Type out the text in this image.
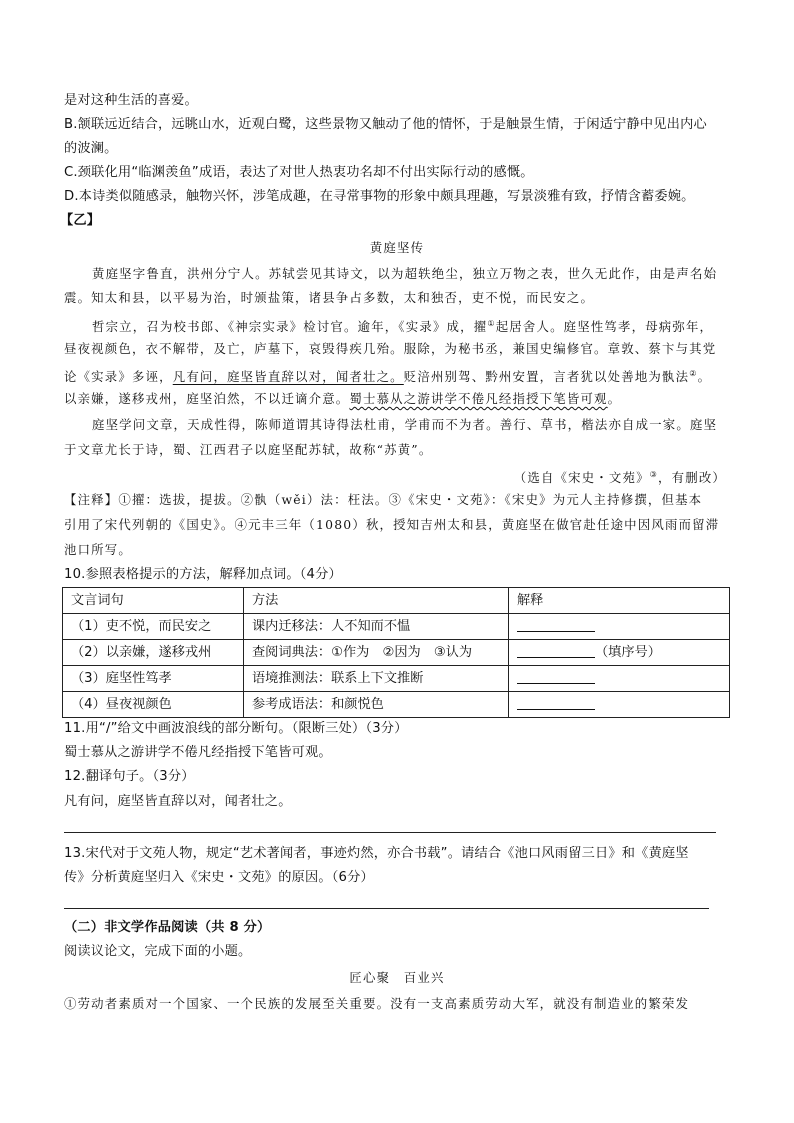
是对这种生活的喜爱。
B.颔联远近结合，远眺山水，近观白鹭，这些景物又触动了他的情怀，于是触景生情，于闲适宁静中见出内心
的波澜。
C.颈联化用“临渊羡鱼”成语，表达了对世人热衷功名却不付出实际行动的感慨。
D.本诗类似随感录，触物兴怀，涉笔成趣，在寻常事物的形象中颇具理趣，写景淡雅有致，抒情含蓄委婉。
【乙】
黄庭坚传
黄庭坚字鲁直，洪州分宁人。苏轼尝见其诗文，以为超轶绝尘，独立万物之表，世久无此作，由是声名始
震。知太和县，以平易为治，时颁盐策，诸县争占多数，太和独否，吏不悦，而民安之。
哲宗立，召为校书郎、《神宗实录》检讨官。逾年，《实录》成，擢①起居舍人。庭坚性笃孝，母病弥年，
昼夜视颜色，衣不解带，及亡，庐墓下，哀毁得疾几殆。服除，为秘书丞，兼国史编修官。章敦、蔡卞与其党
论《实录》多诬，凡有问，庭坚皆直辞以对，闻者壮之。贬涪州别驾、黔州安置，言者犹以处善地为骫法②。
以亲嫌，遂移戎州，庭坚泊然，不以迁谪介意。蜀士慕从之游讲学不倦凡经指授下笔皆可观。
庭坚学问文章，天成性得，陈师道谓其诗得法杜甫，学甫而不为者。善行、草书，楷法亦自成一家。庭坚
于文章尤长于诗，蜀、江西君子以庭坚配苏轼，故称“苏黄”。
（选自《宋史・文苑》③，有删改）
【注释】①擢：选拔，提拔。②骫（wěi）法：枉法。③《宋史・文苑》：《宋史》为元人主持修撰，但基本
引用了宋代列朝的《国史》。④元丰三年（1080）秋，授知吉州太和县，黄庭坚在做官赴任途中因风雨而留滞
池口所写。
10.参照表格提示的方法，解释加点词。（4分）
文言词句	方法	解释
（1）吏不悦，而民安之	课内迁移法：人不知而不愠	
（2）以亲嫌，遂移戎州	查阅词典法：①作为　②因为　③认为	（填序号）
（3）庭坚性笃孝	语境推测法：联系上下文推断	
（4）昼夜视颜色	参考成语法：和颜悦色	
11.用“/”给文中画波浪线的部分断句。（限断三处）（3分）
蜀士慕从之游讲学不倦凡经指授下笔皆可观。
12.翻译句子。（3分）
凡有问，庭坚皆直辞以对，闻者壮之。
13.宋代对于文苑人物，规定“艺术著闻者，事迹灼然，亦合书载”。请结合《池口风雨留三日》和《黄庭坚
传》分析黄庭坚归入《宋史・文苑》的原因。（6分）
（二）非文学作品阅读（共 8 分）
阅读议论文，完成下面的小题。
匠心聚　百业兴
①劳动者素质对一个国家、一个民族的发展至关重要。没有一支高素质劳动大军，就没有制造业的繁荣发
